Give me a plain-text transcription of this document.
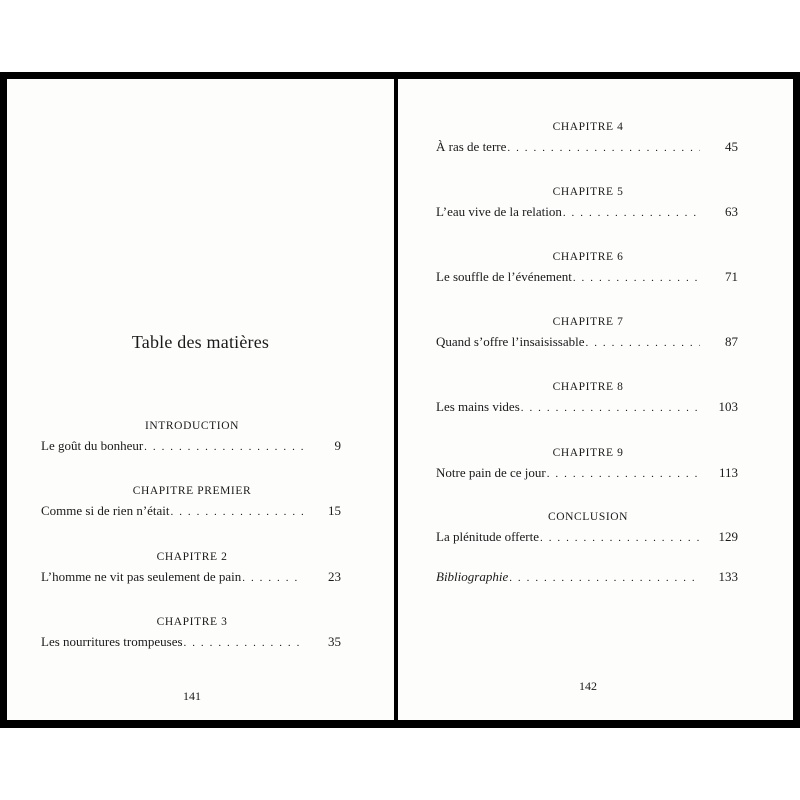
Table des matières
INTRODUCTION
Le goût du bonheur . . .	9
CHAPITRE PREMIER
Comme si de rien n’était . . .	15
CHAPITRE 2
L’homme ne vit pas seulement de pain . . .	23
CHAPITRE 3
Les nourritures trompeuses . . .	35
141
CHAPITRE 4
À ras de terre . . .	45
CHAPITRE 5
L’eau vive de la relation . . .	63
CHAPITRE 6
Le souffle de l’événement . . .	71
CHAPITRE 7
Quand s’offre l’insaisissable . . .	87
CHAPITRE 8
Les mains vides . . .	103
CHAPITRE 9
Notre pain de ce jour . . .	113
CONCLUSION
La plénitude offerte . . .	129
Bibliographie . . .	133
142
